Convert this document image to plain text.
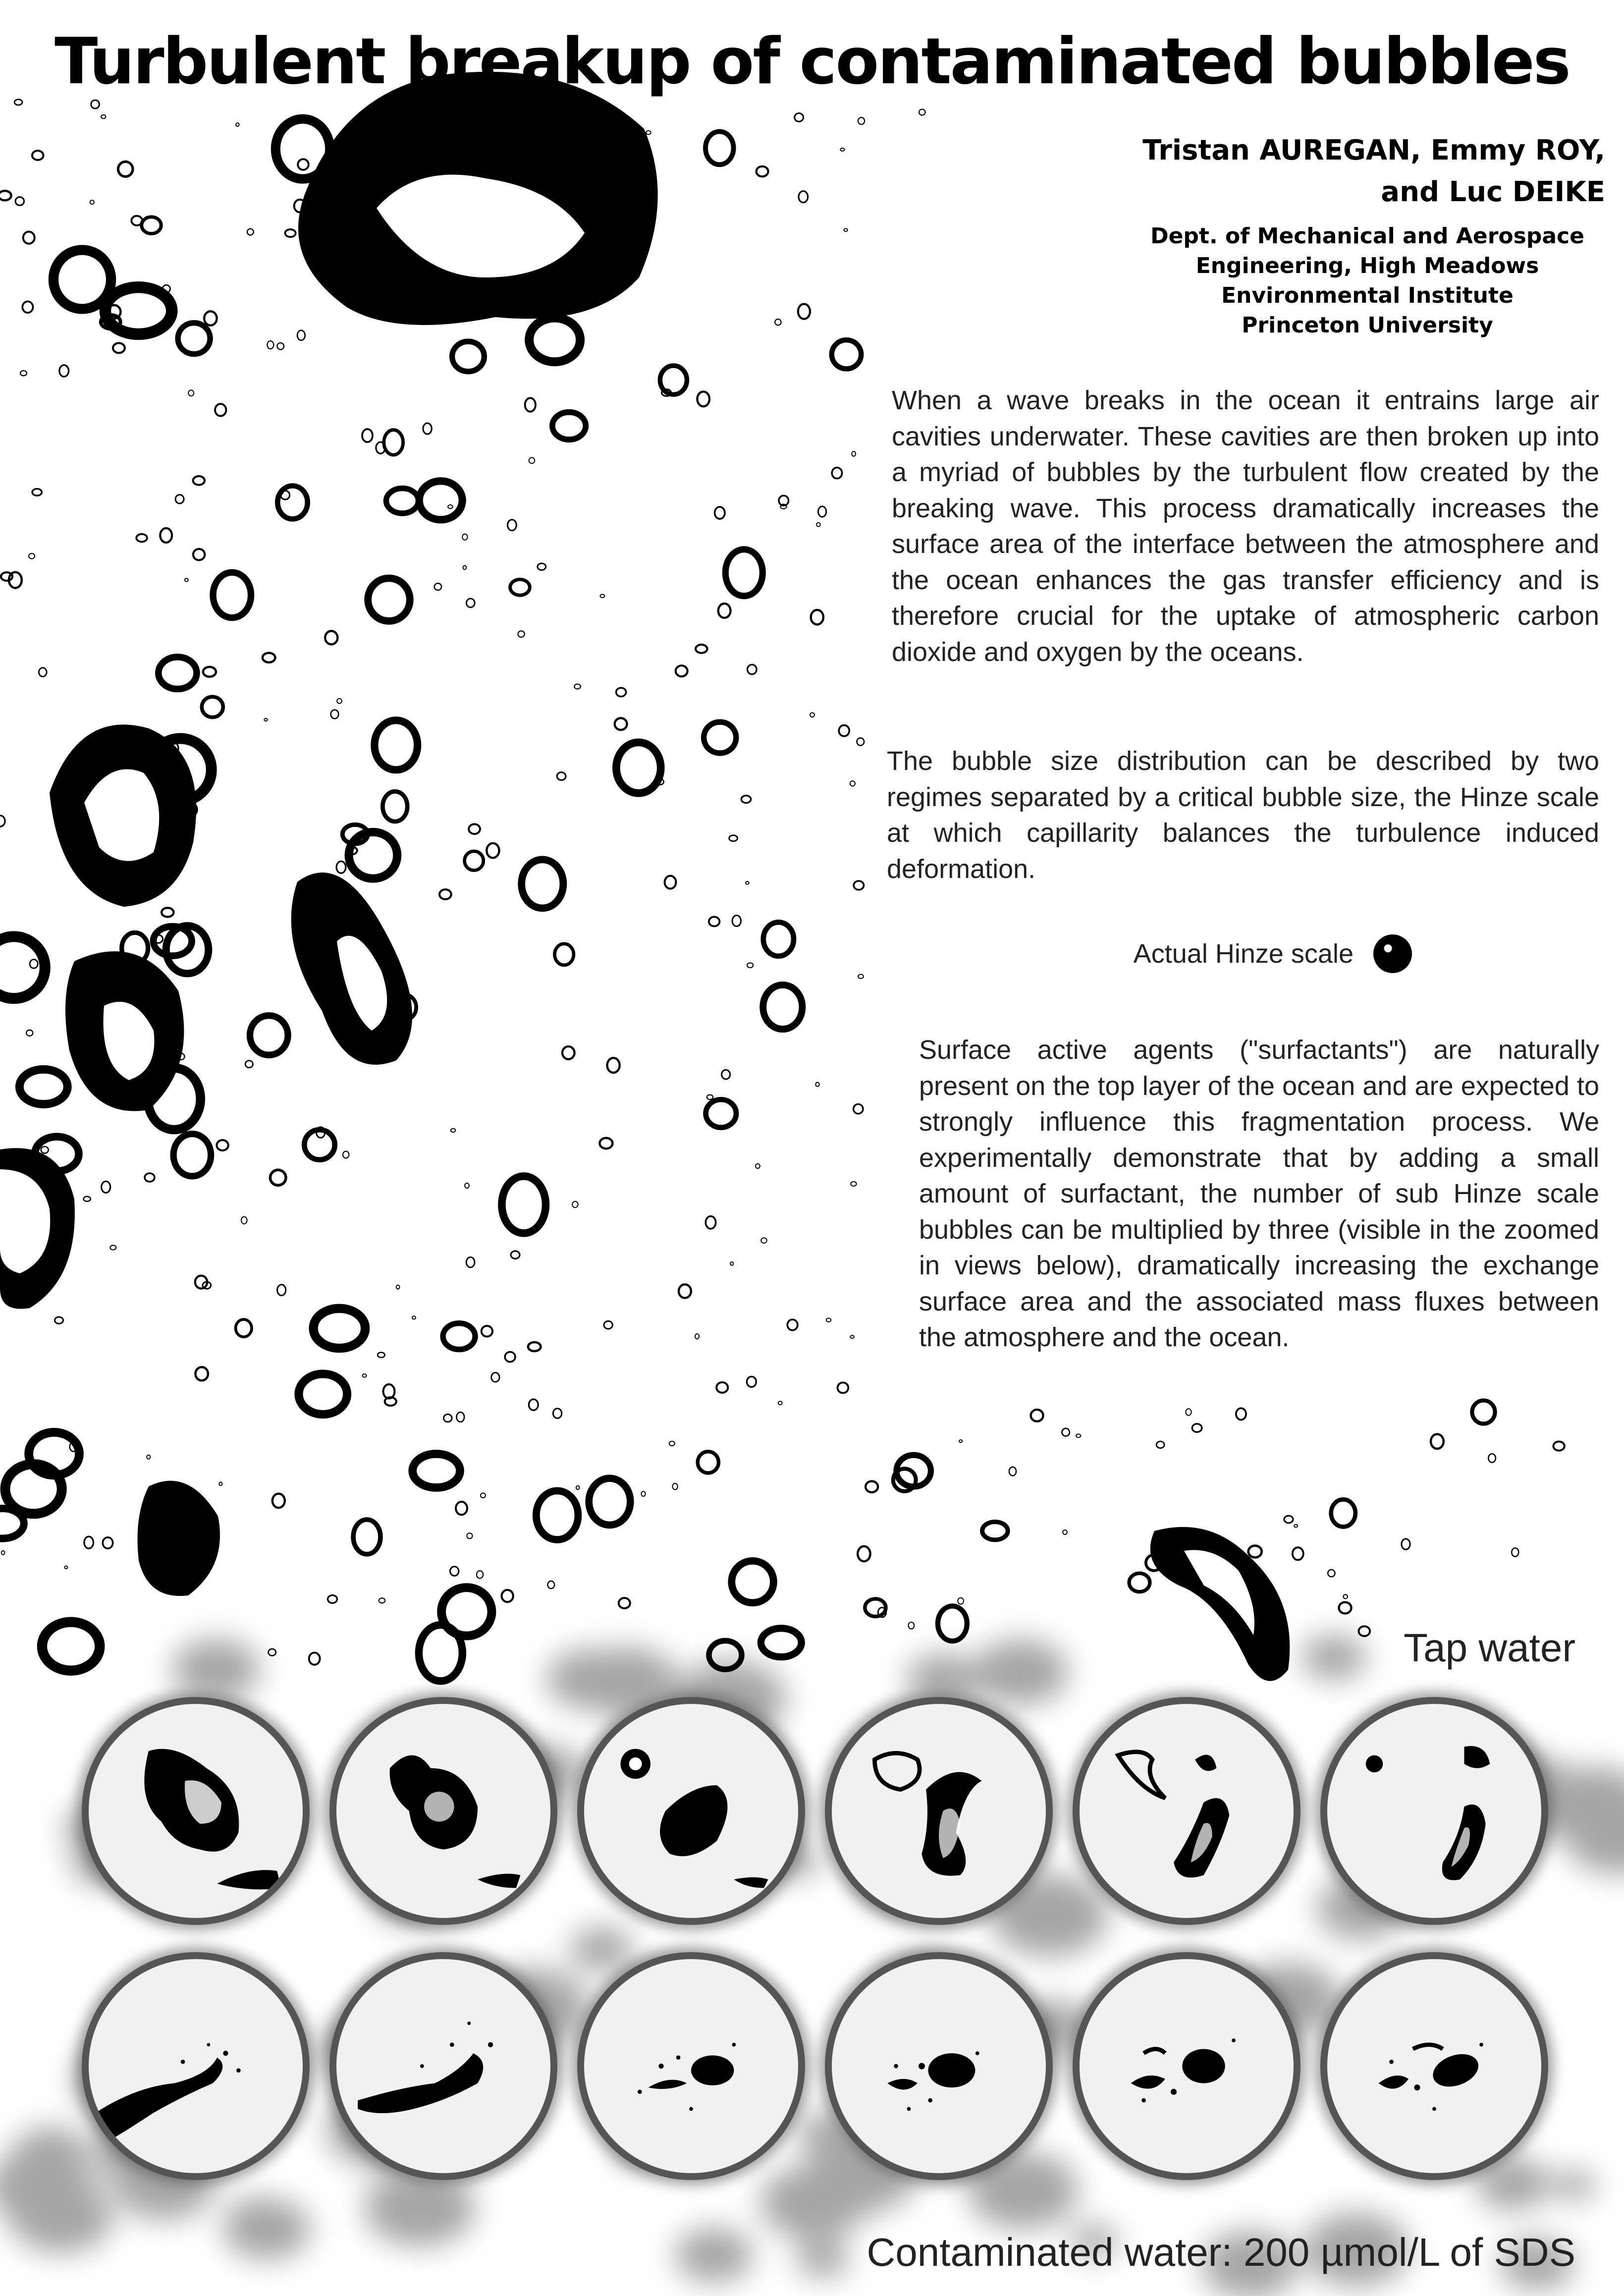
Turbulent breakup of contaminated bubbles
Tristan AUREGAN, Emmy ROY,
and Luc DEIKE
Dept. of Mechanical and Aerospace
Engineering, High Meadows
Environmental Institute
Princeton University

When a wave breaks in the ocean it entrains large air cavities underwater. These cavities are then broken up into a myriad of bubbles by the turbulent flow created by the breaking wave. This process dramatically increases the surface area of the interface between the atmosphere and the ocean enhances the gas transfer efficiency and is therefore crucial for the uptake of atmospheric carbon dioxide and oxygen by the oceans.

The bubble size distribution can be described by two regimes separated by a critical bubble size, the Hinze scale at which capillarity balances the turbulence induced deformation.

Actual Hinze scale

Surface active agents ("surfactants") are naturally present on the top layer of the ocean and are expected to strongly influence this fragmentation process. We experimentally demonstrate that by adding a small amount of surfactant, the number of sub Hinze scale bubbles can be multiplied by three (visible in the zoomed in views below), dramatically increasing the exchange surface area and the associated mass fluxes between the atmosphere and the ocean.

Tap water
Contaminated water: 200 µmol/L of SDS
